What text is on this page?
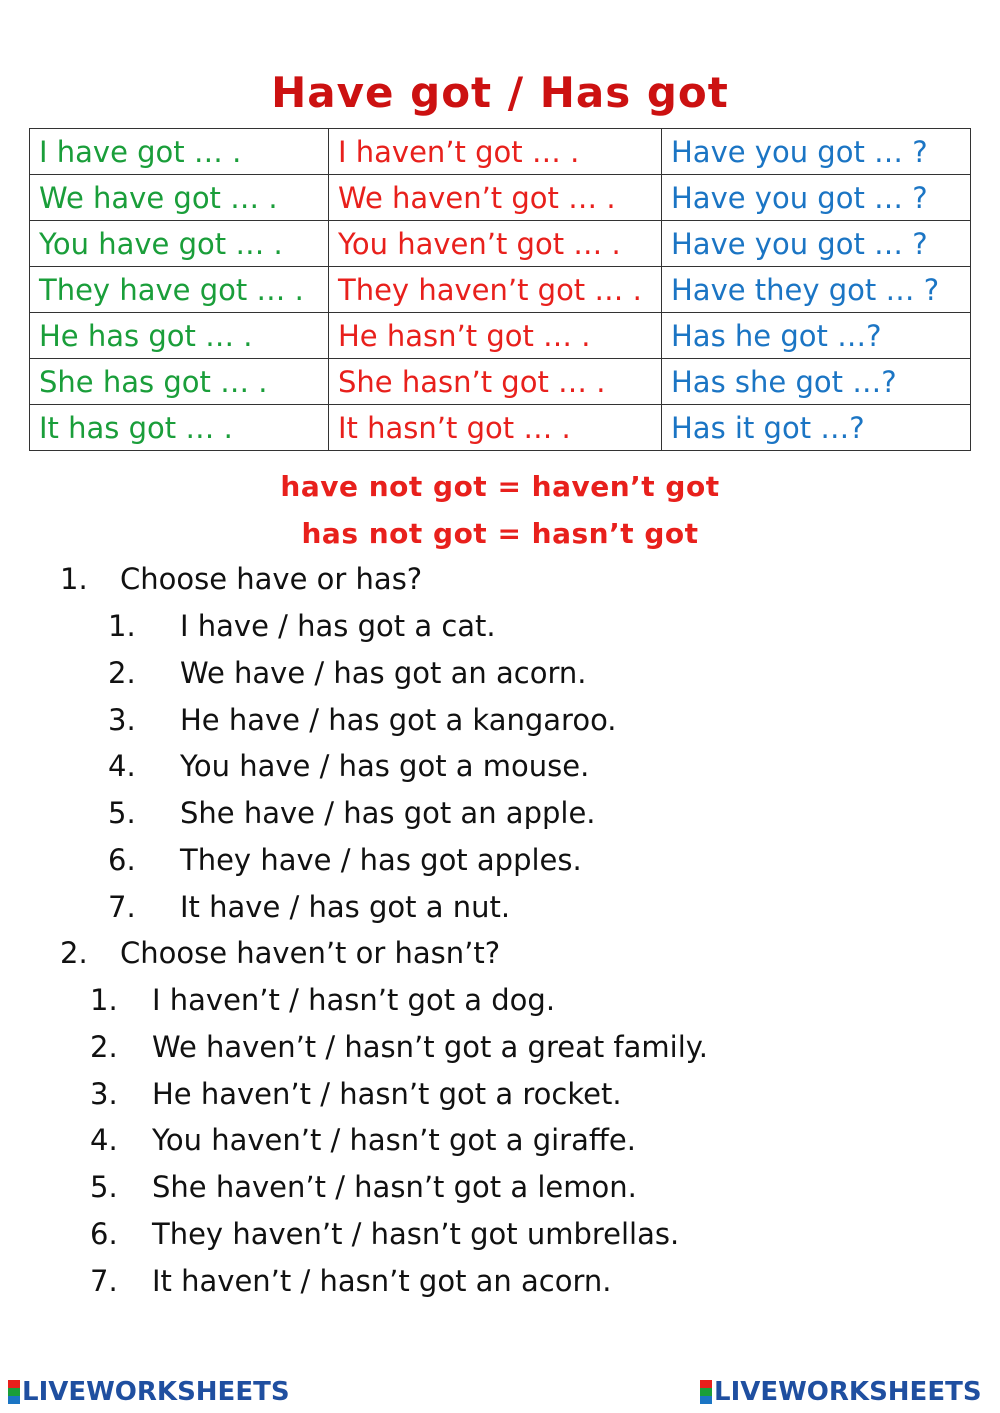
Have got / Has got
I have got … .	I haven’t got … .	Have you got … ?
We have got … .	We haven’t got … .	Have you got … ?
You have got … .	You haven’t got … .	Have you got … ?
They have got … .	They haven’t got … .	Have they got … ?
He has got … .	He hasn’t got … .	Has he got …?
She has got … .	She hasn’t got … .	Has she got …?
It has got … .	It hasn’t got … .	Has it got …?
have not got = haven’t got
has not got = hasn’t got
1. Choose have or has?
1. I have / has got a cat.
2. We have / has got an acorn.
3. He have / has got a kangaroo.
4. You have / has got a mouse.
5. She have / has got an apple.
6. They have / has got apples.
7. It have / has got a nut.
2. Choose haven’t or hasn’t?
1. I haven’t / hasn’t got a dog.
2. We haven’t / hasn’t got a great family.
3. He haven’t / hasn’t got a rocket.
4. You haven’t / hasn’t got a giraffe.
5. She haven’t / hasn’t got a lemon.
6. They haven’t / hasn’t got umbrellas.
7. It haven’t / hasn’t got an acorn.
LIVEWORKSHEETS	LIVEWORKSHEETS
